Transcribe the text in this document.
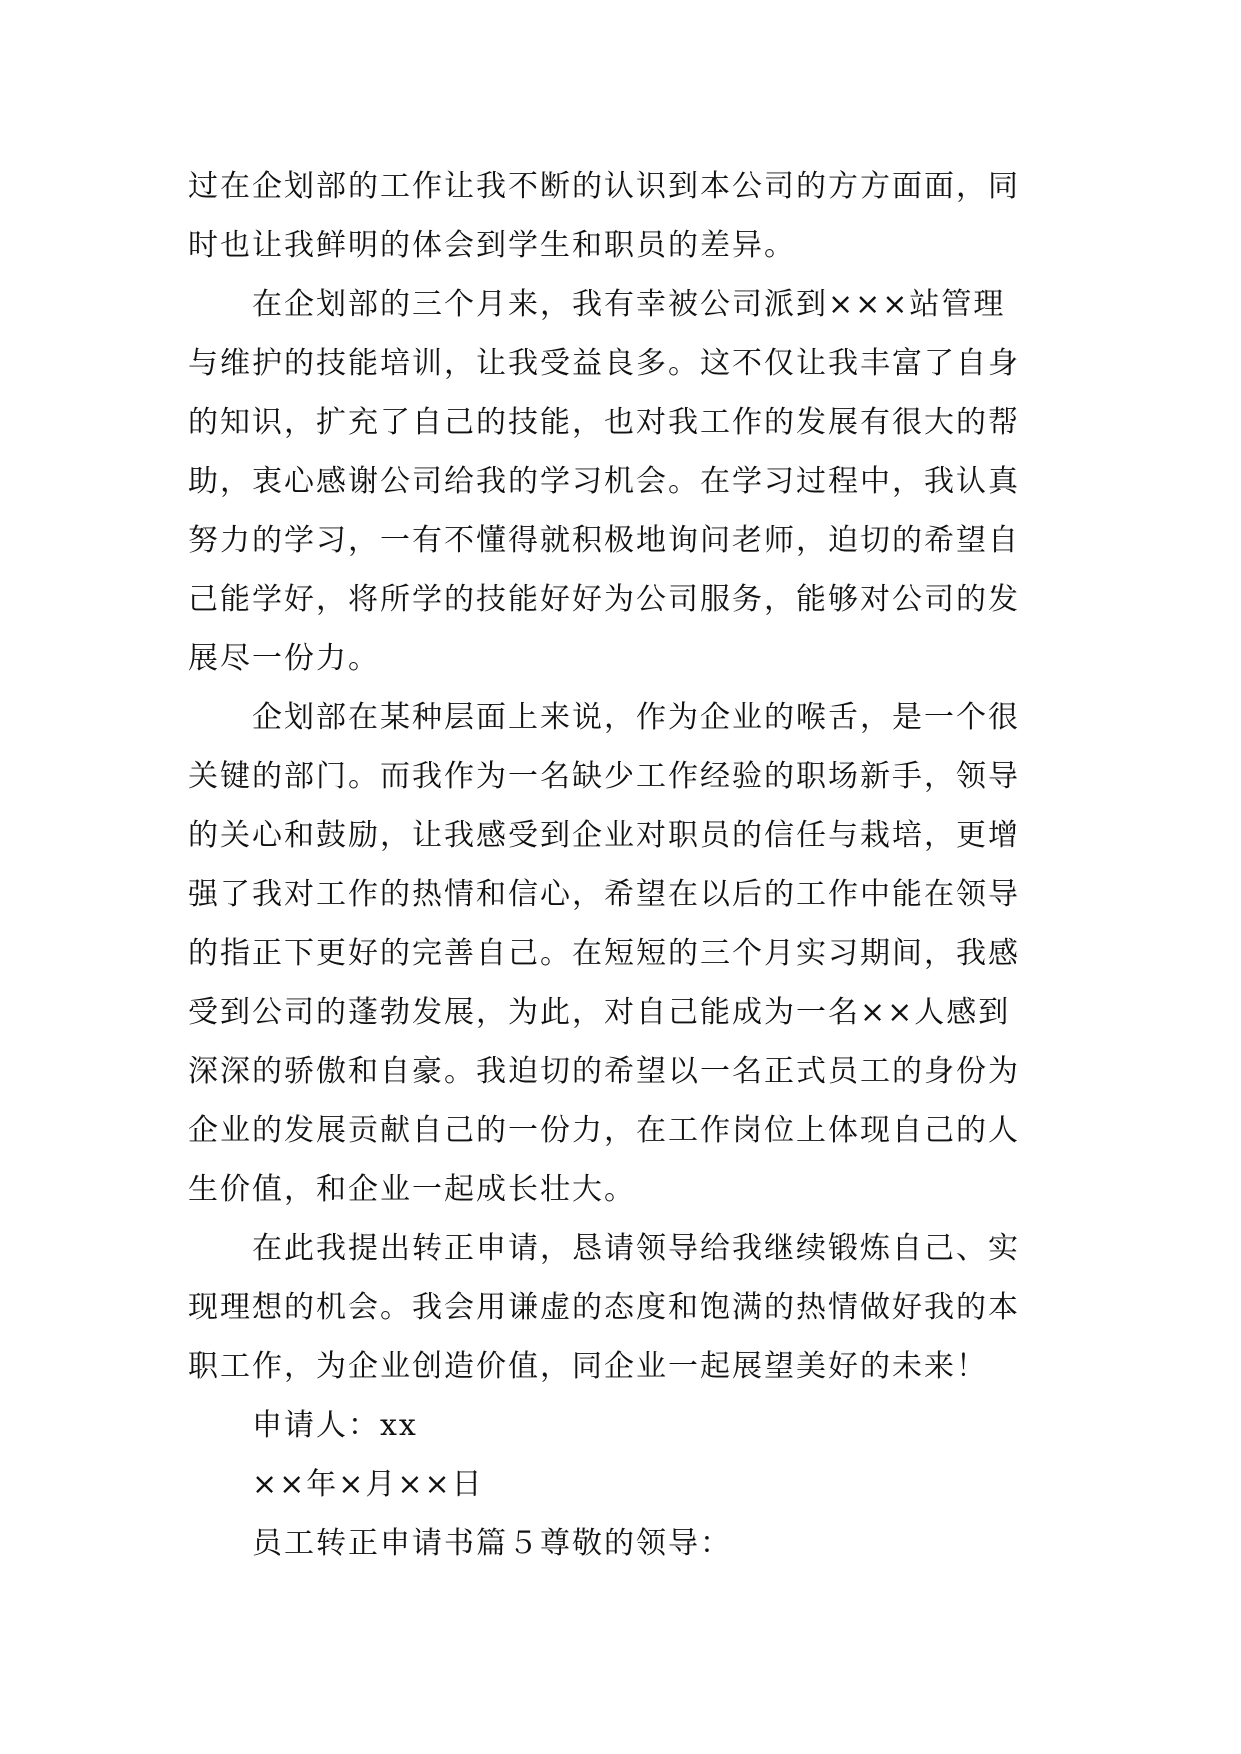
过在企划部的工作让我不断的认识到本公司的方方面面，同
时也让我鲜明的体会到学生和职员的差异。

在企划部的三个月来，我有幸被公司派到×××站管理
与维护的技能培训，让我受益良多。这不仅让我丰富了自身
的知识，扩充了自己的技能，也对我工作的发展有很大的帮
助，衷心感谢公司给我的学习机会。在学习过程中，我认真
努力的学习，一有不懂得就积极地询问老师，迫切的希望自
己能学好，将所学的技能好好为公司服务，能够对公司的发
展尽一份力。

企划部在某种层面上来说，作为企业的喉舌，是一个很
关键的部门。而我作为一名缺少工作经验的职场新手，领导
的关心和鼓励，让我感受到企业对职员的信任与栽培，更增
强了我对工作的热情和信心，希望在以后的工作中能在领导
的指正下更好的完善自己。在短短的三个月实习期间，我感
受到公司的蓬勃发展，为此，对自己能成为一名××人感到
深深的骄傲和自豪。我迫切的希望以一名正式员工的身份为
企业的发展贡献自己的一份力，在工作岗位上体现自己的人
生价值，和企业一起成长壮大。

在此我提出转正申请，恳请领导给我继续锻炼自己、实
现理想的机会。我会用谦虚的态度和饱满的热情做好我的本
职工作，为企业创造价值，同企业一起展望美好的未来！

申请人：xx

××年×月××日

员工转正申请书篇５尊敬的领导：
